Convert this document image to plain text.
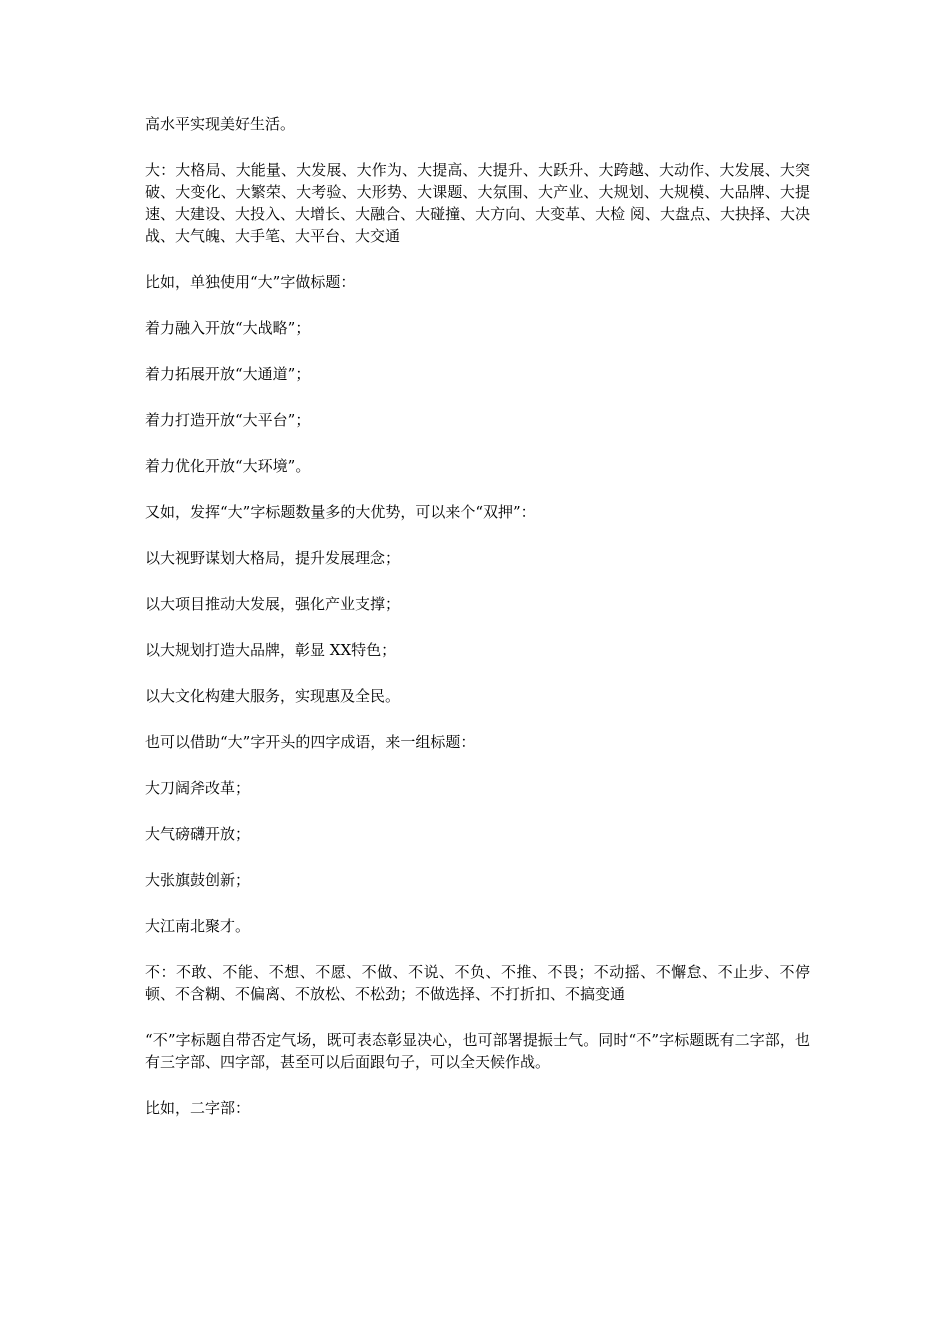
高水平实现美好生活。

大：大格局、大能量、大发展、大作为、大提高、大提升、大跃升、大跨越、大动作、大发展、大突破、大变化、大繁荣、大考验、大形势、大课题、大氛围、大产业、大规划、大规模、大品牌、大提速、大建设、大投入、大增长、大融合、大碰撞、大方向、大变革、大检 阅、大盘点、大抉择、大决战、大气魄、大手笔、大平台、大交通

比如，单独使用“大”字做标题：

着力融入开放“大战略”；

着力拓展开放“大通道”；

着力打造开放“大平台”；

着力优化开放“大环境”。

又如，发挥“大”字标题数量多的大优势，可以来个“双押”：

以大视野谋划大格局，提升发展理念；

以大项目推动大发展，强化产业支撑；

以大规划打造大品牌，彰显 XX特色；

以大文化构建大服务，实现惠及全民。

也可以借助“大”字开头的四字成语，来一组标题：

大刀阔斧改革；

大气磅礴开放；

大张旗鼓创新；

大江南北聚才。

不：不敢、不能、不想、不愿、不做、不说、不负、不推、不畏；不动摇、不懈怠、不止步、不停顿、不含糊、不偏离、不放松、不松劲；不做选择、不打折扣、不搞变通

“不”字标题自带否定气场，既可表态彰显决心，也可部署提振士气。同时“不”字标题既有二字部，也有三字部、四字部，甚至可以后面跟句子，可以全天候作战。

比如，二字部：
